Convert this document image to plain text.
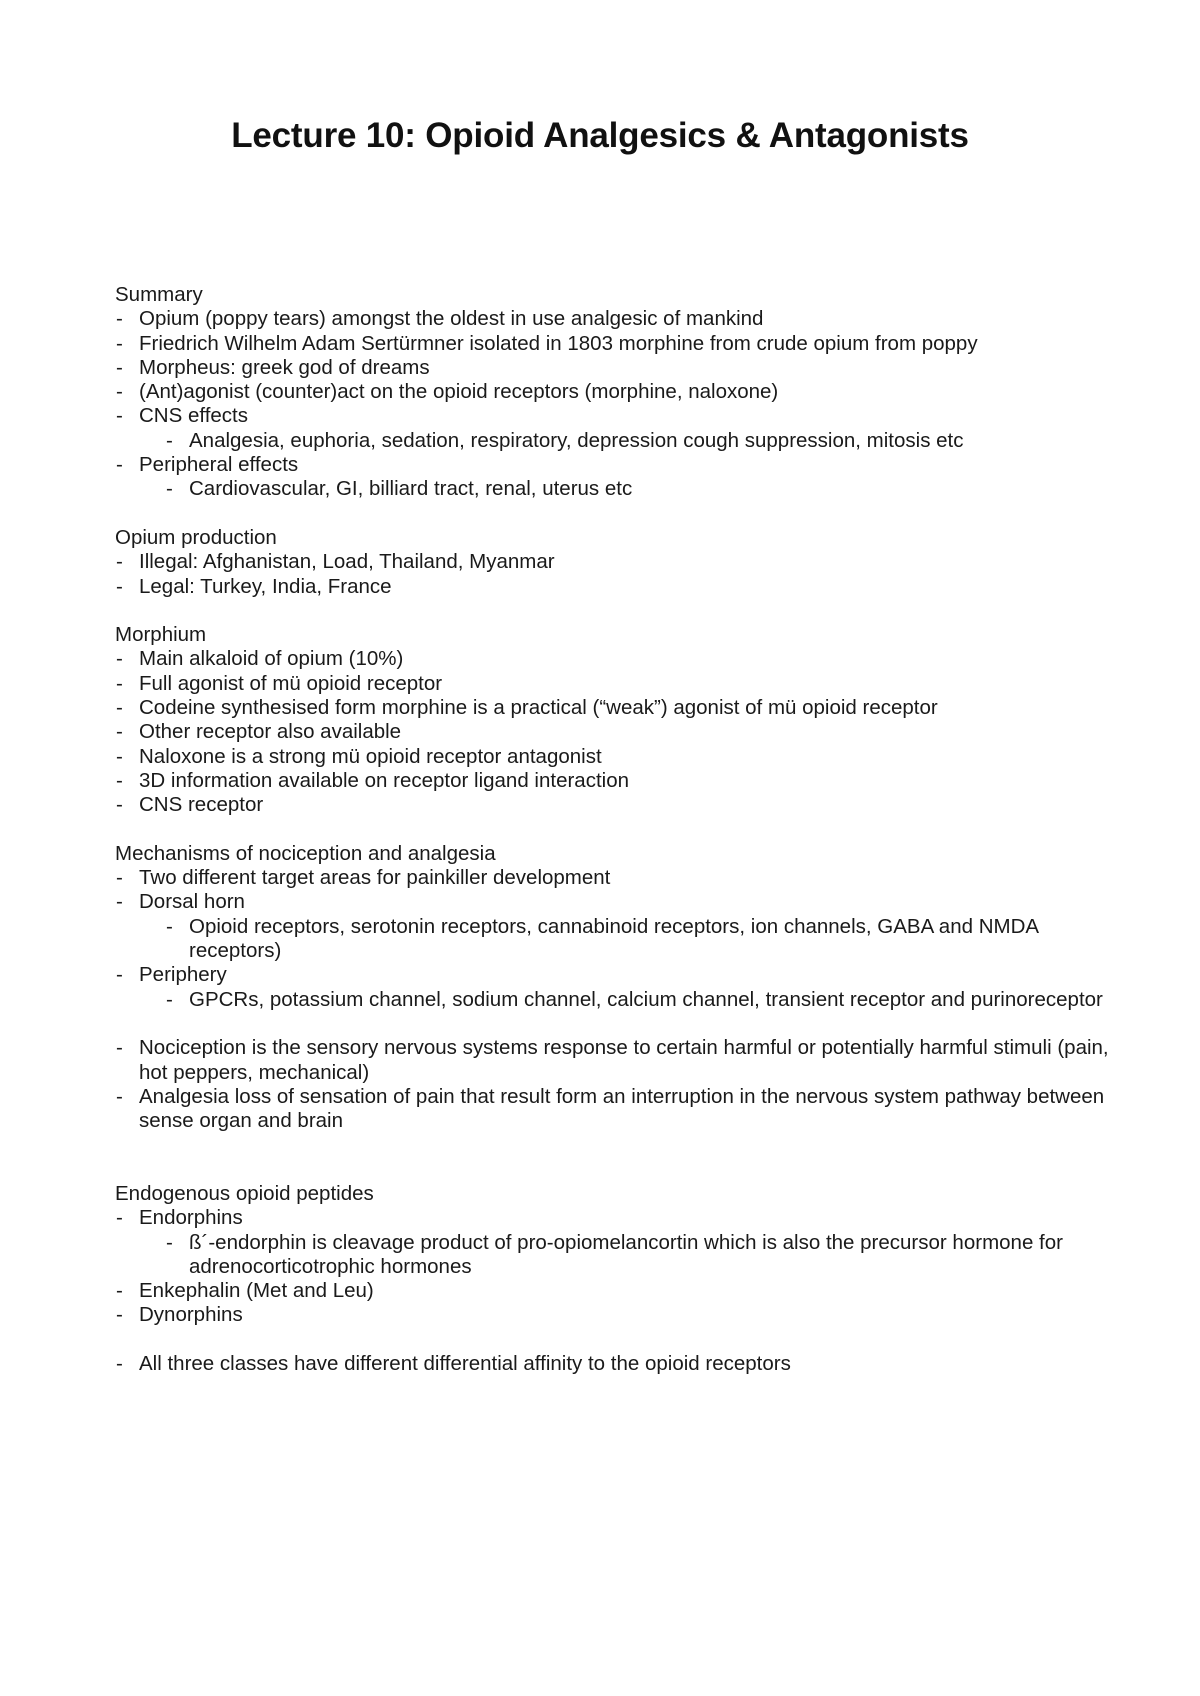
Lecture 10: Opioid Analgesics & Antagonists

Summary

- Opium (poppy tears) amongst the oldest in use analgesic of mankind
- Friedrich Wilhelm Adam Sertürmner isolated in 1803 morphine from crude opium from poppy
- Morpheus: greek god of dreams
- (Ant)agonist (counter)act on the opioid receptors (morphine, naloxone)
- CNS effects
- Analgesia, euphoria, sedation, respiratory, depression cough suppression, mitosis etc
- Peripheral effects
- Cardiovascular, GI, billiard tract, renal, uterus etc

Opium production

- Illegal: Afghanistan, Load, Thailand, Myanmar
- Legal: Turkey, India, France

Morphium

- Main alkaloid of opium (10%)
- Full agonist of mü opioid receptor
- Codeine synthesised form morphine is a practical (“weak”) agonist of mü opioid receptor
- Other receptor also available
- Naloxone is a strong mü opioid receptor antagonist
- 3D information available on receptor ligand interaction
- CNS receptor

Mechanisms of nociception and analgesia

- Two different target areas for painkiller development
- Dorsal horn
- Opioid receptors, serotonin receptors, cannabinoid receptors, ion channels, GABA and NMDA receptors)
- Periphery
- GPCRs, potassium channel, sodium channel, calcium channel, transient receptor and purinoreceptor
- Nociception is the sensory nervous systems response to certain harmful or potentially harmful stimuli (pain, hot peppers, mechanical)
- Analgesia loss of sensation of pain that result form an interruption in the nervous system pathway between sense organ and brain

Endogenous opioid peptides

- Endorphins
- ß´-endorphin is cleavage product of pro-opiomelancortin which is also the precursor hormone for adrenocorticotrophic hormones
- Enkephalin (Met and Leu)
- Dynorphins
- All three classes have different differential affinity to the opioid receptors
